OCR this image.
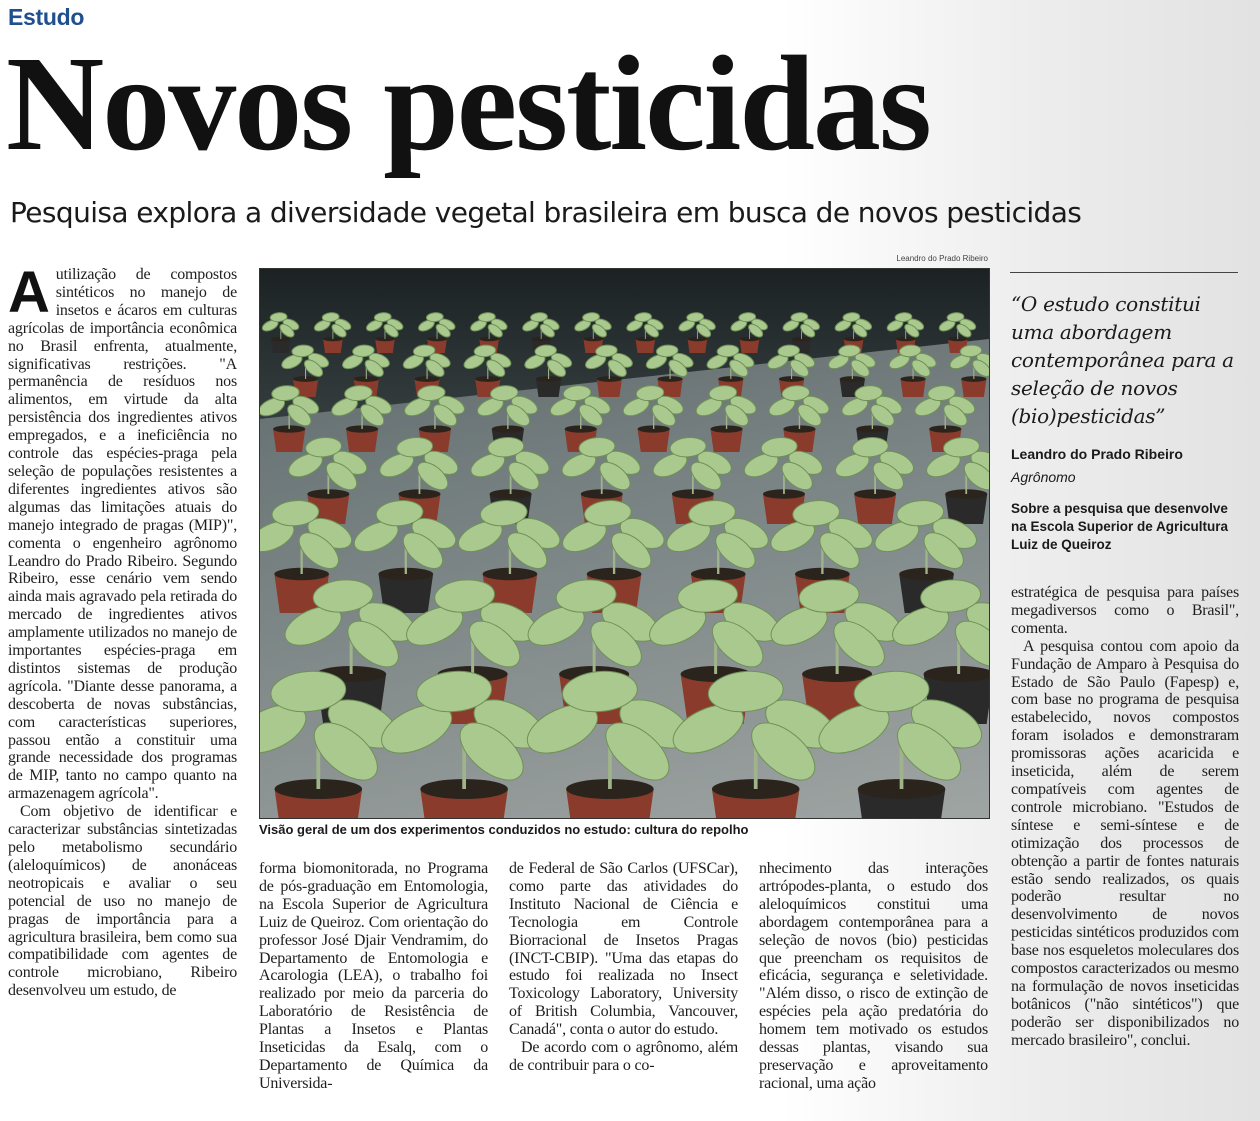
Estudo
Novos pesticidas
Pesquisa explora a diversidade vegetal brasileira em busca de novos pesticidas
Leandro do Prado Ribeiro
Visão geral de um dos experimentos conduzidos no estudo: cultura do repolho

Autilização de compostos sintéticos no manejo de insetos e ácaros em culturas agrícolas de importância econômica no Brasil enfrenta, atualmente, significativas restrições. "A permanência de resíduos nos alimentos, em virtude da alta persistência dos ingredientes ativos empregados, e a ineficiência no controle das espécies-praga pela seleção de populações resistentes a diferentes ingredientes ativos são algumas das limitações atuais do manejo integrado de pragas (MIP)", comenta o engenheiro agrônomo Leandro do Prado Ribeiro. Segundo Ribeiro, esse cenário vem sendo ainda mais agravado pela retirada do mercado de ingredientes ativos amplamente utilizados no manejo de importantes espécies-praga em distintos sistemas de produção agrícola. "Diante desse panorama, a descoberta de novas substâncias, com características superiores, passou então a constituir uma grande necessidade dos programas de MIP, tanto no campo quanto na armazenagem agrícola".

Com objetivo de identificar e caracterizar substâncias sintetizadas pelo metabolismo secundário (aleloquímicos) de anonáceas neotropicais e avaliar o seu potencial de uso no manejo de pragas de importância para a agricultura brasileira, bem como sua compatibilidade com agentes de controle microbiano, Ribeiro desenvolveu um estudo, de

forma biomonitorada, no Programa de pós-graduação em Entomologia, na Escola Superior de Agricultura Luiz de Queiroz. Com orientação do professor José Djair Vendramim, do Departamento de Entomologia e Acarologia (LEA), o trabalho foi realizado por meio da parceria do Laboratório de Resistência de Plantas a Insetos e Plantas Inseticidas da Esalq, com o Departamento de Química da Universida-

de Federal de São Carlos (UFSCar), como parte das atividades do Instituto Nacional de Ciência e Tecnologia em Controle Biorracional de Insetos Pragas (INCT-CBIP). "Uma das etapas do estudo foi realizada no Insect Toxicology Laboratory, University of British Columbia, Vancouver, Canadá", conta o autor do estudo.

De acordo com o agrônomo, além de contribuir para o co-

nhecimento das interações artrópodes-planta, o estudo dos aleloquímicos constitui uma abordagem contemporânea para a seleção de novos (bio) pesticidas que preencham os requisitos de eficácia, segurança e seletividade. "Além disso, o risco de extinção de espécies pela ação predatória do homem tem motivado os estudos dessas plantas, visando sua preservação e aproveitamento racional, uma ação

“O estudo constitui uma abordagem contemporânea para a seleção de novos (bio)pesticidas”

Leandro do Prado Ribeiro
Agrônomo
Sobre a pesquisa que desenvolve na Escola Superior de Agricultura Luiz de Queiroz

estratégica de pesquisa para países megadiversos como o Brasil", comenta.

A pesquisa contou com apoio da Fundação de Amparo à Pesquisa do Estado de São Paulo (Fapesp) e, com base no programa de pesquisa estabelecido, novos compostos foram isolados e demonstraram promissoras ações acaricida e inseticida, além de serem compatíveis com agentes de controle microbiano. "Estudos de síntese e semi-síntese e de otimização dos processos de obtenção a partir de fontes naturais estão sendo realizados, os quais poderão resultar no desenvolvimento de novos pesticidas sintéticos produzidos com base nos esqueletos moleculares dos compostos caracterizados ou mesmo na formulação de novos inseticidas botânicos ("não sintéticos") que poderão ser disponibilizados no mercado brasileiro", conclui.
